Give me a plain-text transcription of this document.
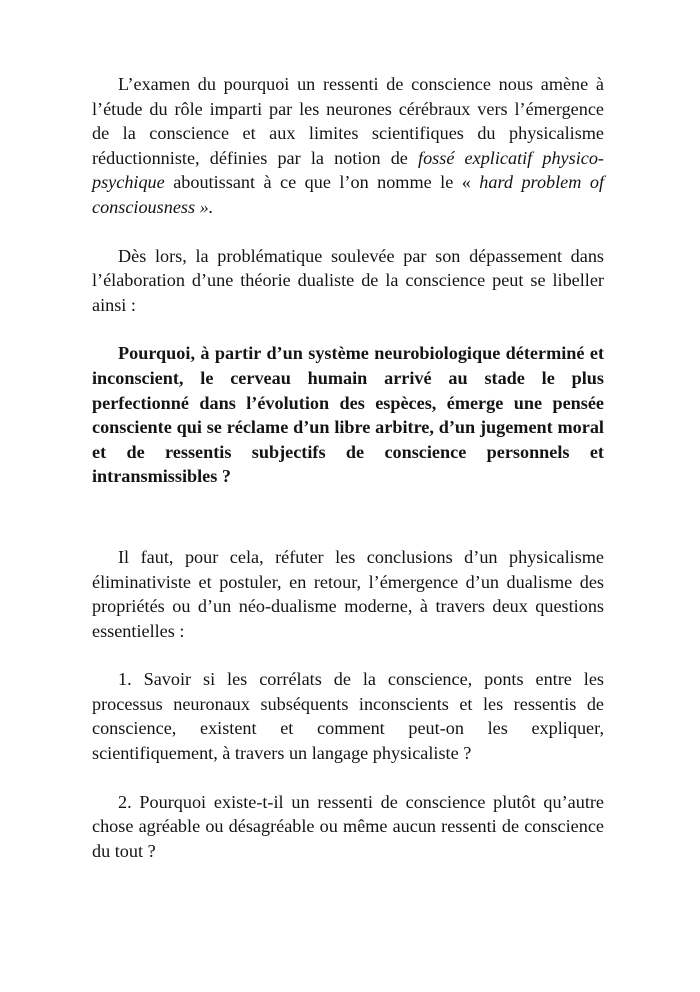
L’examen du pourquoi un ressenti de conscience nous amène à l’étude du rôle imparti par les neurones cérébraux vers l’émergence de la conscience et aux limites scientifiques du physicalisme réductionniste, définies par la notion de fossé explicatif physico-psychique aboutissant à ce que l’on nomme le « hard problem of consciousness ».

Dès lors, la problématique soulevée par son dépassement dans l’élaboration d’une théorie dualiste de la conscience peut se libeller ainsi :

Pourquoi, à partir d’un système neurobiologique déterminé et inconscient, le cerveau humain arrivé au stade le plus perfectionné dans l’évolution des espèces, émerge une pensée consciente qui se réclame d’un libre arbitre, d’un jugement moral et de ressentis subjectifs de conscience personnels et intransmissibles ?

Il faut, pour cela, réfuter les conclusions d’un physicalisme éliminativiste et postuler, en retour, l’émergence d’un dualisme des propriétés ou d’un néo-dualisme moderne, à travers deux questions essentielles :

1. Savoir si les corrélats de la conscience, ponts entre les processus neuronaux subséquents inconscients et les ressentis de conscience, existent et comment peut-on les expliquer, scientifiquement, à travers un langage physicaliste ?

2. Pourquoi existe-t-il un ressenti de conscience plutôt qu’autre chose agréable ou désagréable ou même aucun ressenti de conscience du tout ?
